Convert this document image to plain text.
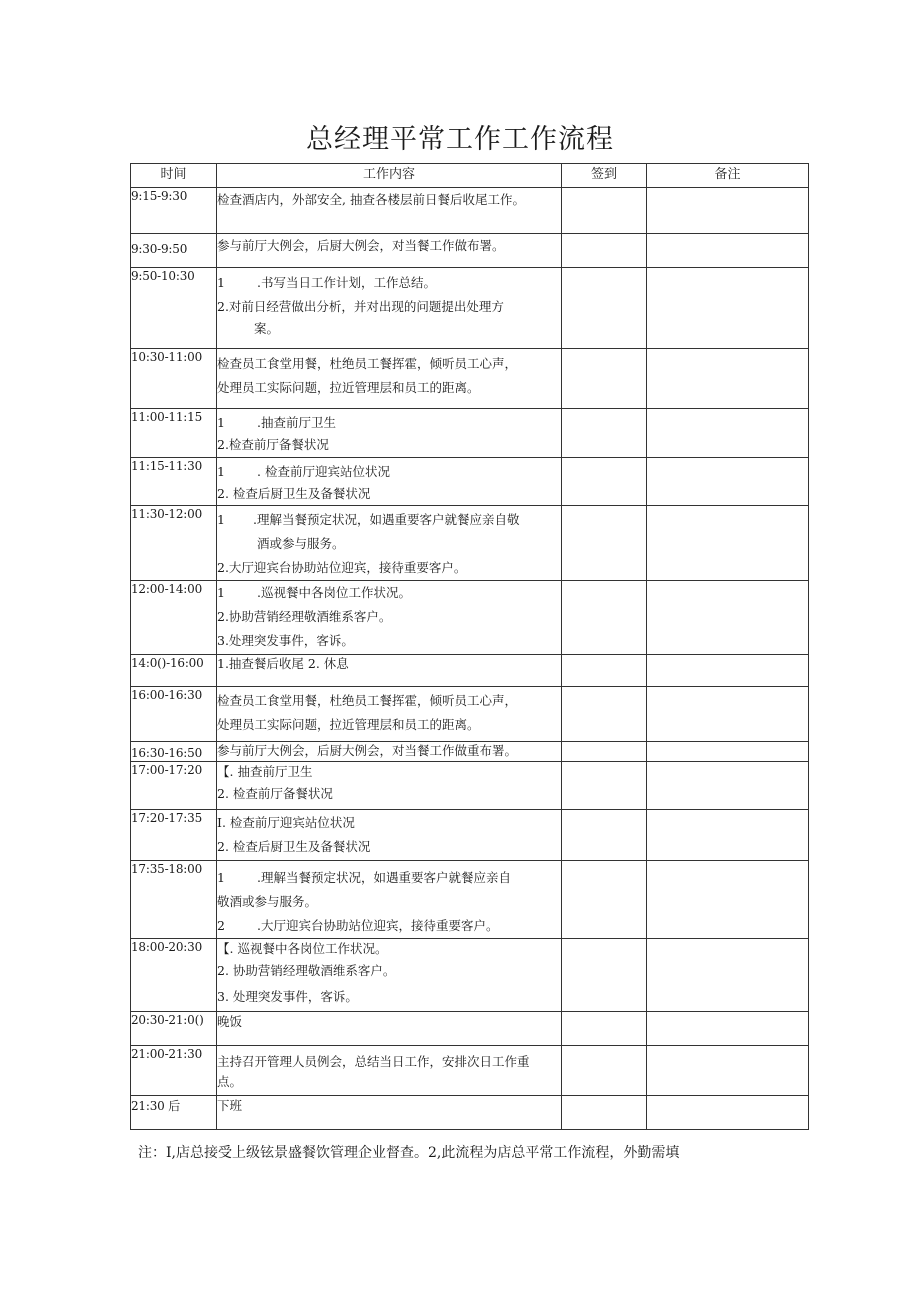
总经理平常工作工作流程
时间	工作内容	签到	备注
9:15-9:30	检查酒店内，外部安全, 抽查各楼层前日餐后收尾工作。		

9:30-9:50	参与前厅大例会，后厨大例会，对当餐工作做布署。		

9:50-10:30	1 .书写当日工作计划，工作总结。
2.对前日经营做出分析，并对出现的问题提出处理方
案。		

10:30-11:00	检查员工食堂用餐，杜绝员工餐挥霍，倾听员工心声，
处理员工实际问题，拉近管理层和员工的距离。		

11:00-11:15	1 .抽查前厅卫生
2.检查前厅备餐状况		

11:15-11:30	1 . 检查前厅迎宾站位状况
2. 检查后厨卫生及备餐状况		

11:30-12:00	1 .理解当餐预定状况，如遇重要客户就餐应亲自敬
酒或参与服务。
2.大厅迎宾台协助站位迎宾，接待重要客户。		

12:00-14:00	1 .巡视餐中各岗位工作状况。
2.协助营销经理敬酒维系客户。
3.处理突发事件，客诉。		

14:0()-16:00	1.抽查餐后收尾 2. 休息		

16:00-16:30	检查员工食堂用餐，杜绝员工餐挥霍，倾听员工心声，
处理员工实际问题，拉近管理层和员工的距离。		

16:30-16:50	参与前厅大例会，后厨大例会，对当餐工作做重布署。		

17:00-17:20	【. 抽查前厅卫生
2. 检查前厅备餐状况		

17:20-17:35	I. 检查前厅迎宾站位状况
2. 检查后厨卫生及备餐状况		

17:35-18:00	1 .理解当餐预定状况，如遇重要客户就餐应亲自
敬酒或参与服务。
2 .大厅迎宾台协助站位迎宾，接待重要客户。		

18:00-20:30	【. 巡视餐中各岗位工作状况。
2. 协助营销经理敬酒维系客户。
3. 处理突发事件，客诉。		

20:30-21:0()	晚饭		

21:00-21:30	主持召开管理人员例会，总结当日工作，安排次日工作重
点。		

21:30 后	下班		

注：I,店总接受上级铉景盛餐饮管理企业督查。2,此流程为店总平常工作流程，外勤需填
